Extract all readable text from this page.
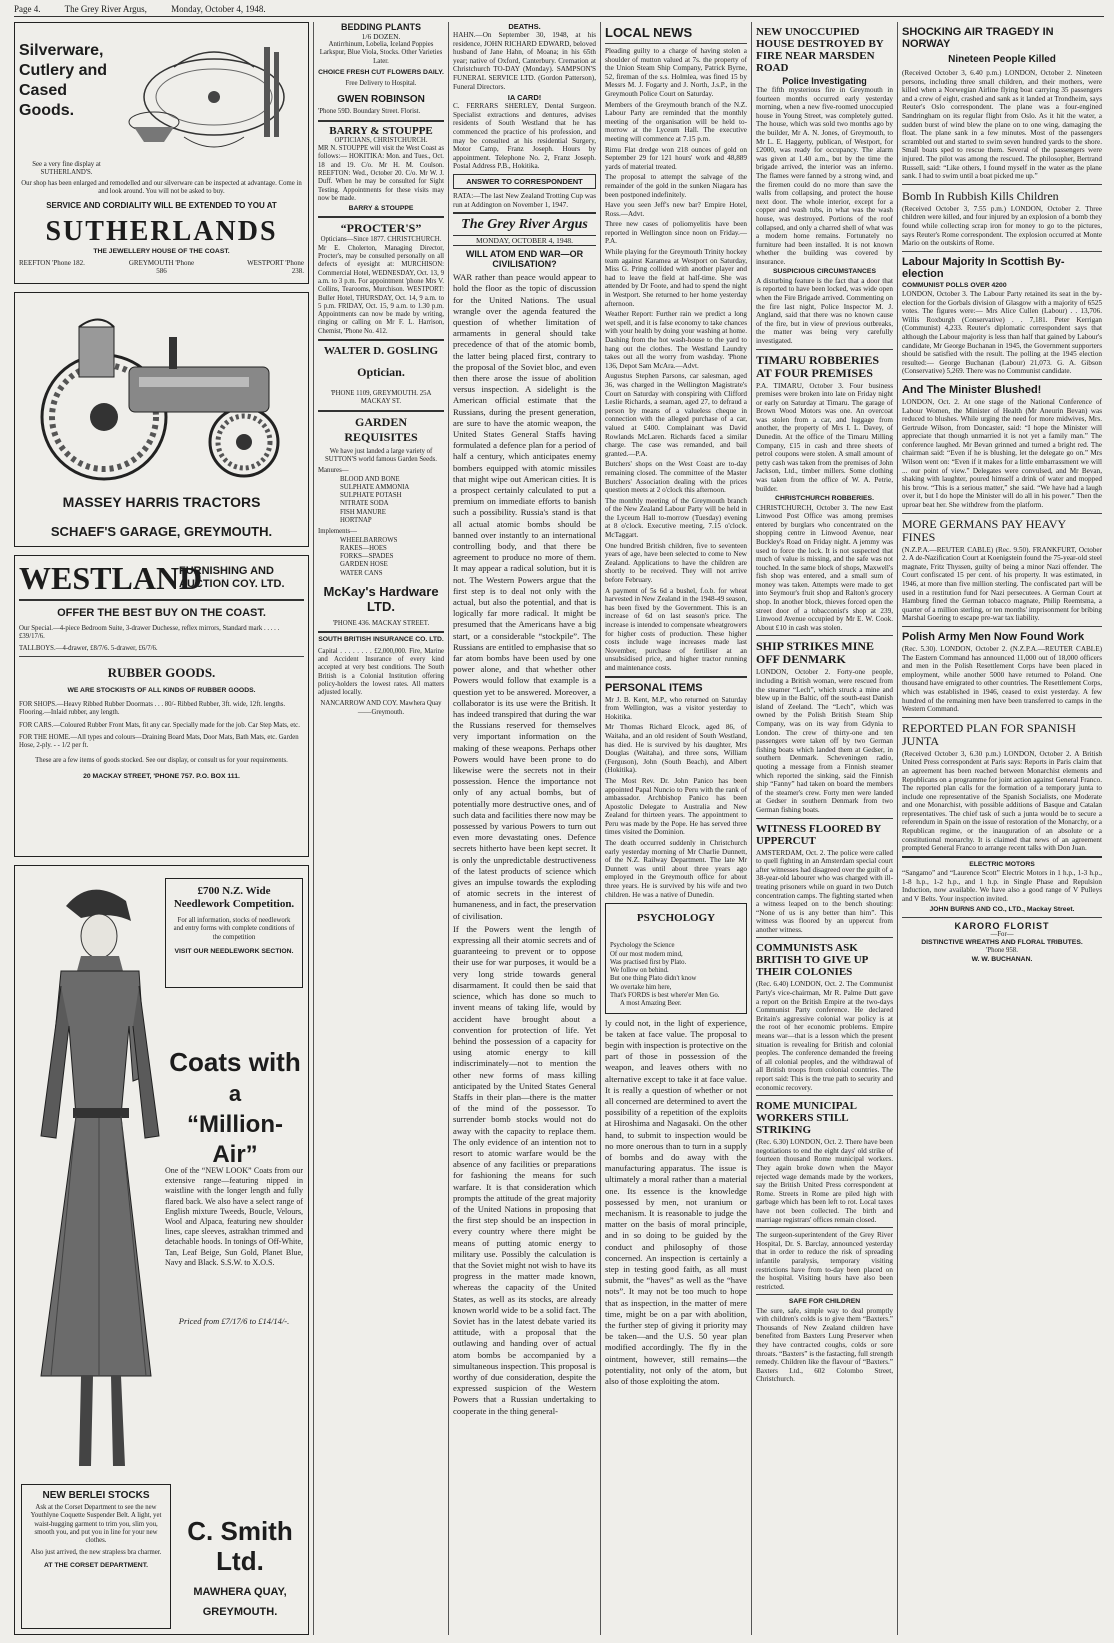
Page 4.	The Grey River Argus,	Monday, October 4, 1948.
Silverware, Cutlery and Cased Goods.
See a very fine display at SUTHERLAND'S.
Our shop has been enlarged and remodelled and our silverware can be inspected at advantage. Come in and look around. You will not be asked to buy.
SERVICE AND CORDIALITY WILL BE EXTENDED TO YOU AT
SUTHERLANDS
THE JEWELLERY HOUSE OF THE COAST.
REEFTON 'Phone 182.	GREYMOUTH 'Phone 586
WESTPORT 'Phone 238.
MASSEY HARRIS TRACTORS
SCHAEF'S GARAGE, GREYMOUTH.
WESTLAND
FURNISHING AND AUCTION COY. LTD.
OFFER THE BEST BUY ON THE COAST.
Our Special.—4-piece Bedroom Suite, 3-drawer Duchesse, reflex mirrors, Standard mark . . . . . £39/17/6.
TALLBOYS.—4-drawer, £8/7/6. 5-drawer, £6/7/6.
RUBBER GOODS.
WE ARE STOCKISTS OF ALL KINDS OF RUBBER GOODS.
FOR SHOPS.—Heavy Ribbed Rubber Doormats . . . 80/- Ribbed Rubber, 3ft. wide, 12ft. lengths. Flooring.—Inlaid rubber, any length.
FOR CARS.—Coloured Rubber Front Mats, fit any car. Specially made for the job. Car Step Mats, etc.
FOR THE HOME.—All types and colours—Draining Board Mats, Door Mats, Bath Mats, etc. Garden Hose, 2-ply. - - 1/2 per ft.
These are a few items of goods stocked. See our display, or consult us for your requirements.
20 MACKAY STREET, 'PHONE 757. P.O. BOX 111.
£700 N.Z. Wide Needlework Competition.
For all information, stocks of needlework and entry forms with complete conditions of the competition
VISIT OUR NEEDLEWORK SECTION.
Coats with
a
“Million-Air”
One of the “NEW LOOK” Coats from our extensive range—featuring nipped in waistline with the longer length and fully flared back. We also have a select range of English mixture Tweeds, Boucle, Velours, Wool and Alpaca, featuring new shoulder lines, cape sleeves, astrakhan trimmed and detachable hoods. In tonings of Off-White, Tan, Leaf Beige, Sun Gold, Planet Blue, Navy and Black. S.S.W. to X.O.S.
Priced from £7/17/6 to £14/14/-.
NEW BERLEI STOCKS
Ask at the Corset Department to see the new Youthlyne Coquette Suspender Belt. A light, yet waist-hugging garment to trim you, slim you, smooth you, and put you in line for your new clothes.
Also just arrived, the new strapless bra charmer.
AT THE CORSET DEPARTMENT.
C. Smith Ltd.
MAWHERA QUAY,
GREYMOUTH.
BEDDING PLANTS
1/6 DOZEN.
Antirrhinum, Lobelia, Iceland Poppies Larkspur, Blue Viola, Stocks. Other Varieties Later.
CHOICE FRESH CUT FLOWERS DAILY.
Free Delivery to Hospital.
GWEN ROBINSON
'Phone 59D. Boundary Street. Florist.
BARRY & STOUPPE
OPTICIANS, CHRISTCHURCH.
MR N. STOUPPE will visit the West Coast as follows:— HOKITIKA: Mon. and Tues., Oct. 18 and 19. C/o. Mr H. M. Coulson. REEFTON: Wed., October 20. C/o. Mr W. J. Duff. When he may be consulted for Sight Testing. Appointments for these visits may now be made.
BARRY & STOUPPE
“PROCTER'S”
Opticians—Since 1877. CHRISTCHURCH.
Mr E. Cholerton, Managing Director, Procter's, may be consulted personally on all defects of eyesight at: MURCHISON: Commercial Hotel, WEDNESDAY, Oct. 13, 9 a.m. to 3 p.m. For appointment 'phone Mrs V. Collins, Tearooms, Murchison. WESTPORT: Buller Hotel, THURSDAY, Oct. 14, 9 a.m. to 5 p.m. FRIDAY, Oct. 15, 9 a.m. to 1.30 p.m. Appointments can now be made by writing, ringing or calling on Mr F. L. Harrison, Chemist, 'Phone No. 412.
WALTER D. GOSLING
Optician.
'PHONE 1109, GREYMOUTH. 25A MACKAY ST.
GARDEN REQUISITES
We have just landed a large variety of SUTTON'S world famous Garden Seeds.
Manures—
BLOOD AND BONE
SULPHATE AMMONIA
SULPHATE POTASH
NITRATE SODA
FISH MANURE
HORTNAP
Implements—
WHEELBARROWS
RAKES—HOES
FORKS—SPADES
GARDEN HOSE
WATER CANS
McKay's Hardware LTD.
'PHONE 436. MACKAY STREET.
SOUTH BRITISH INSURANCE CO. LTD.
Capital . . . . . . . . £2,000,000. Fire, Marine and Accident Insurance of every kind accepted at very best conditions. The South British is a Colonial Institution offering policy-holders the lowest rates. All matters adjusted locally.
NANCARROW AND COY. Mawhera Quay——Greymouth.
DEATHS.
HAHN.—On September 30, 1948, at his residence, JOHN RICHARD EDWARD, beloved husband of Jane Hahn, of Moana; in his 65th year; native of Oxford, Canterbury. Cremation at Christchurch TO-DAY (Monday). SAMPSON'S FUNERAL SERVICE LTD. (Gordon Patterson), Funeral Directors.
IA CARD!
C. FERRARS SHERLEY, Dental Surgeon. Specialist extractions and dentures, advises residents of South Westland that he has commenced the practice of his profession, and may be consulted at his residential Surgery, Motor Camp, Franz Joseph. Hours by appointment. Telephone No. 2, Franz Joseph. Postal Address P.B., Hokitika.
ANSWER TO CORRESPONDENT
RATA:—The last New Zealand Trotting Cup was run at Addington on November 1, 1947.
The Grey River Argus
MONDAY, OCTOBER 4, 1948.
WILL ATOM END WAR—OR CIVILISATION?
WAR rather than peace would appear to hold the floor as the topic of discussion for the United Nations. The usual wrangle over the agenda featured the question of whether limitation of armaments in general should take precedence of that of the atomic bomb, the latter being placed first, contrary to the proposal of the Soviet bloc, and even then there arose the issue of abolition versus inspection. A sidelight is the American official estimate that the Russians, during the present generation, are sure to have the atomic weapon, the United States General Staffs having formulated a defence plan for a period of half a century, which anticipates enemy bombers equipped with atomic missiles that might wipe out American cities. It is a prospect certainly calculated to put a premium on immediate efforts to banish such a possibility. Russia's stand is that all actual atomic bombs should be banned over instantly to an international controlling body, and that there be agreement to produce no more of them. It may appear a radical solution, but it is not. The Western Powers argue that the first step is to deal not only with the actual, but also the potential, and that is logically far more radical. It might be presumed that the Americans have a big start, or a considerable “stockpile”. The Russians are entitled to emphasise that so far atom bombs have been used by one power alone, and that whether other Powers would follow that example is a question yet to be answered. Moreover, a collaborator is its use were the British. It has indeed transpired that during the war the Russians reserved for themselves very important information on the making of these weapons. Perhaps other Powers would have been prone to do likewise were the secrets not in their possession. Hence the importance not only of any actual bombs, but of potentially more destructive ones, and of such data and facilities there now may be possessed by various Powers to turn out even more devastating ones. Defence secrets hitherto have been kept secret. It is only the unpredictable destructiveness of the latest products of science which gives an impulse towards the exploding of atomic secrets in the interest of humaneness, and in fact, the preservation of civilisation.
If the Powers went the length of expressing all their atomic secrets and of guaranteeing to prevent or to oppose their use for war purposes, it would be a very long stride towards general disarmament. It could then be said that science, which has done so much to invent means of taking life, would by accident have brought about a convention for protection of life. Yet behind the possession of a capacity for using atomic energy to kill indiscriminately—not to mention the other new forms of mass killing anticipated by the United States General Staffs in their plan—there is the matter of the mind of the possessor. To surrender bomb stocks would not do away with the capacity to replace them. The only evidence of an intention not to resort to atomic warfare would be the absence of any facilities or preparations for fashioning the means for such warfare. It is that consideration which prompts the attitude of the great majority of the United Nations in proposing that the first step should be an inspection in every country where there might be means of putting atomic energy to military use. Possibly the calculation is that the Soviet might not wish to have its progress in the matter made known, whereas the capacity of the United States, as well as its stocks, are already known world wide to be a solid fact. The Soviet has in the latest debate varied its attitude, with a proposal that the outlawing and handing over of actual atom bombs be accompanied by a simultaneous inspection. This proposal is worthy of due consideration, despite the expressed suspicion of the Western Powers that a Russian undertaking to cooperate in the thing general-
LOCAL NEWS

Pleading guilty to a charge of having stolen a shoulder of mutton valued at 7s. the property of the Union Steam Ship Company, Patrick Byrne, 52, fireman of the s.s. Holmlea, was fined 15 by Messrs M. J. Fogarty and J. North, J.s.P., in the Greymouth Police Court on Saturday.

Members of the Greymouth branch of the N.Z. Labour Party are reminded that the monthly meeting of the organisation will be held to-morrow at the Lyceum Hall. The executive meeting will commence at 7.15 p.m.

Rimu Flat dredge won 218 ounces of gold on September 29 for 121 hours' work and 48,889 yards of material treated.

The proposal to attempt the salvage of the remainder of the gold in the sunken Niagara has been postponed indefinitely.

Have you seen Jeff's new bar? Empire Hotel, Ross.—Advt.

Three new cases of poliomyelitis have been reported in Wellington since noon on Friday.—P.A.

While playing for the Greymouth Trinity hockey team against Karamea at Westport on Saturday, Miss G. Pring collided with another player and had to leave the field at half-time. She was attended by Dr Foote, and had to spend the night in Westport. She returned to her home yesterday afternoon.

Weather Report: Further rain we predict a long wet spell, and it is false economy to take chances with your health by doing your washing at home. Dashing from the hot wash-house to the yard to hang out the clothes. The Westland Laundry takes out all the worry from washday. 'Phone 136, Depot Sam McAra.—Advt.

Augustus Stephen Parsons, car salesman, aged 36, was charged in the Wellington Magistrate's Court on Saturday with conspiring with Clifford Leslie Richards, a seaman, aged 27, to defraud a person by means of a valueless cheque in connection with the alleged purchase of a car, valued at £400. Complainant was David Rowlands McLaren. Richards faced a similar charge. The case was remanded, and bail granted.—P.A.

Butchers' shops on the West Coast are to-day remaining closed. The committee of the Master Butchers' Association dealing with the prices question meets at 2 o'clock this afternoon.

The monthly meeting of the Greymouth branch of the New Zealand Labour Party will be held in the Lyceum Hall to-morrow (Tuesday) evening at 8 o'clock. Executive meeting, 7.15 o'clock. McTaggart.

One hundred British children, five to seventeen years of age, have been selected to come to New Zealand. Applications to have the children are shortly to be received. They will not arrive before February.

A payment of 5s 6d a bushel, f.o.b. for wheat harvested in New Zealand in the 1948-49 season, has been fixed by the Government. This is an increase of 6d on last season's price. The increase is intended to compensate wheatgrowers for higher costs of production. These higher costs include wage increases made last November, purchase of fertiliser at an unsubsidised price, and higher tractor running and maintenance costs.

PERSONAL ITEMS

Mr J. B. Kent, M.P., who returned on Saturday from Wellington, was a visitor yesterday to Hokitika.

Mr Thomas Richard Elcock, aged 86, of Waitaha, and an old resident of South Westland, has died. He is survived by his daughter, Mrs Douglas (Waitaha), and three sons, William (Ferguson), John (South Beach), and Albert (Hokitika).

The Most Rev. Dr. John Panico has been appointed Papal Nuncio to Peru with the rank of ambassador. Archbishop Panico has been Apostolic Delegate to Australia and New Zealand for thirteen years. The appointment to Peru was made by the Pope. He has served three times visited the Dominion.

The death occurred suddenly in Christchurch early yesterday morning of Mr Charlie Dunnett, of the N.Z. Railway Department. The late Mr Dunnett was until about three years ago employed in the Greymouth office for about three years. He is survived by his wife and two children. He was a native of Dunedin.

PSYCHOLOGY
Psychology the Science
Of our most modern mind,
Was practised first by Plato.
We follow on behind.
But one thing Plato didn't know
We overtake him here,
That's FORDS is best where'er Men Go.
A most Amazing Beer.
ly could not, in the light of experience, be taken at face value. The proposal to begin with inspection is protective on the part of those in possession of the weapon, and leaves others with no alternative except to take it at face value. It is really a question of whether or not all concerned are determined to avert the possibility of a repetition of the exploits at Hiroshima and Nagasaki. On the other hand, to submit to inspection would be no more onerous than to turn in a supply of bombs and do away with the manufacturing apparatus. The issue is ultimately a moral rather than a material one. Its essence is the knowledge possessed by men, not uranium or mechanism. It is reasonable to judge the matter on the basis of moral principle, and in so doing to be guided by the conduct and philosophy of those concerned. An inspection is certainly a step in testing good faith, as all must submit, the “haves” as well as the “have nots”. It may not be too much to hope that as inspection, in the matter of mere time, might be on a par with abolition, the further step of giving it priority may be taken—and the U.S. 50 year plan modified accordingly. The fly in the ointment, however, still remains—the potentiality, not only of the atom, but also of those exploiting the atom.
NEW UNOCCUPIED HOUSE DESTROYED BY FIRE NEAR MARSDEN ROAD
Police Investigating

The fifth mysterious fire in Greymouth in fourteen months occurred early yesterday morning, when a new five-roomed unoccupied house in Young Street, was completely gutted. The house, which was sold two months ago by the builder, Mr A. N. Jones, of Greymouth, to Mr L. E. Haggerty, publican, of Westport, for £2000, was ready for occupancy. The alarm was given at 1.40 a.m., but by the time the brigade arrived, the interior was an inferno. The flames were fanned by a strong wind, and the firemen could do no more than save the walls from collapsing, and protect the house next door. The whole interior, except for a copper and wash tubs, in what was the wash house, was destroyed. Portions of the roof collapsed, and only a charred shell of what was a modern home remains. Fortunately no furniture had been installed. It is not known whether the building was covered by insurance.

SUSPICIOUS CIRCUMSTANCES

A disturbing feature is the fact that a door that is reported to have been locked, was wide open when the Fire Brigade arrived. Commenting on the fire last night, Police Inspector M. J. Angland, said that there was no known cause of the fire, but in view of previous outbreaks, the matter was being very carefully investigated.

TIMARU ROBBERIES AT FOUR PREMISES

P.A. TIMARU, October 3. Four business premises were broken into late on Friday night or early on Saturday at Timaru. The garage of Brown Wood Motors was one. An overcoat was stolen from a car, and luggage from another, the property of Mrs I. L. Davey, of Dunedin. At the office of the Timaru Milling Company, £15 in cash and three sheets of petrol coupons were stolen. A small amount of petty cash was taken from the premises of John Jackson, Ltd., timber millers. Some clothing was taken from the office of W. A. Petrie, builder.

CHRISTCHURCH ROBBERIES.

CHRISTCHURCH, October 3. The new East Linwood Post Office was among premises entered by burglars who concentrated on the shopping centre in Linwood Avenue, near Buckley's Road on Friday night. A jemmy was used to force the lock. It is not suspected that much of value is missing, and the safe was not touched. In the same block of shops, Maxwell's fish shop was entered, and a small sum of money was taken. Attempts were made to get into Seymour's fruit shop and Ralton's grocery shop. In another block, thieves forced open the street door of a tobacconist's shop at 239, Linwood Avenue occupied by Mr E. W. Cook. About £10 in cash was stolen.

SHIP STRIKES MINE OFF DENMARK

LONDON, October 2. Forty-one people, including a British woman, were rescued from the steamer “Lech”, which struck a mine and blew up in the Baltic, off the south-east Danish island of Zeeland. The “Lech”, which was owned by the Polish British Steam Ship Company, was on its way from Gdynia to London. The crew of thirty-one and ten passengers were taken off by two German fishing boats which landed them at Gedser, in southern Denmark. Scheveningen radio, quoting a message from a Finnish steamer which reported the sinking, said the Finnish ship “Fanny” had taken on board the members of the steamer's crew. Forty men were landed at Gedser in southern Denmark from two German fishing boats.

WITNESS FLOORED BY UPPERCUT

AMSTERDAM, Oct. 2. The police were called to quell fighting in an Amsterdam special court after witnesses had disagreed over the guilt of a 38-year-old labourer who was charged with ill-treating prisoners while on guard in two Dutch concentration camps. The fighting started when a witness leaped on to the bench shouting: “None of us is any better than him”. This witness was floored by an uppercut from another witness.

COMMUNISTS ASK BRITISH TO GIVE UP THEIR COLONIES

(Rec. 6.40) LONDON, Oct. 2. The Communist Party's vice-chairman, Mr R. Palme Dutt gave a report on the British Empire at the two-days Communist Party conference. He declared Britain's aggressive colonial war policy is at the root of her economic problems. Empire means war—that is a lesson which the present situation is revealing for British and colonial peoples. The conference demanded the freeing of all colonial peoples, and the withdrawal of all British troops from colonial countries. The report said: This is the true path to security and economic recovery.

ROME MUNICIPAL WORKERS STILL STRIKING

(Rec. 6.30) LONDON, Oct. 2. There have been negotiations to end the eight days' old strike of fourteen thousand Rome municipal workers. They again broke down when the Mayor rejected wage demands made by the workers, say the British United Press correspondent at Rome. Streets in Rome are piled high with garbage which has been left to rot. Local taxes have not been collected. The birth and marriage registrars' offices remain closed.

The surgeon-superintendent of the Grey River Hospital, Dr. S. Barclay, announced yesterday that in order to reduce the risk of spreading infantile paralysis, temporary visiting restrictions have from to-day been placed on the hospital. Visiting hours have also been restricted.

SAFE FOR CHILDREN

The sure, safe, simple way to deal promptly with children's colds is to give them “Baxters.” Thousands of New Zealand children have benefited from Baxters Lung Preserver when they have contracted coughs, colds or sore throats. “Baxters” is the fastacting, full strength remedy. Children like the flavour of “Baxters.” Baxters Ltd., 602 Colombo Street, Christchurch.

SHOCKING AIR TRAGEDY IN NORWAY
Nineteen People Killed

(Received October 3, 6.40 p.m.) LONDON, October 2. Nineteen persons, including three small children, and their mothers, were killed when a Norwegian Airline flying boat carrying 35 passengers and a crew of eight, crashed and sank as it landed at Trondheim, says Reuter's Oslo correspondent. The plane was a four-engined Sandringham on its regular flight from Oslo. As it hit the water, a sudden burst of wind blew the plane on to one wing, damaging the float. The plane sank in a few minutes. Most of the passengers scrambled out and started to swim seven hundred yards to the shore. Small boats sped to rescue them. Several of the passengers were injured. The pilot was among the rescued. The philosopher, Bertrand Russell, said: “Like others, I found myself in the water as the plane sank. I had to swim until a boat picked me up.”

Bomb In Rubbish Kills Children

(Received October 3, 7.55 p.m.) LONDON, October 2. Three children were killed, and four injured by an explosion of a bomb they found while collecting scrap iron for money to go to the pictures, says Reuter's Rome correspondent. The explosion occurred at Monte Mario on the outskirts of Rome.

Labour Majority In Scottish By-election
COMMUNIST POLLS OVER 4200

LONDON, October 3. The Labour Party retained its seat in the by-election for the Gorbals division of Glasgow with a majority of 6525 votes. The figures were:— Mrs Alice Cullen (Labour) . . 13,706. Willis Roxburgh (Conservative) . . 7,181. Peter Kerrigan (Communist) 4,233. Reuter's diplomatic correspondent says that although the Labour majority is less than half that gained by Labour's candidate, Mr George Buchanan in 1945, the Government supporters should be satisfied with the result. The polling at the 1945 election resulted:— George Buchanan (Labour) 21,073. G. A. Gibson (Conservative) 5,269. There was no Communist candidate.

And The Minister Blushed!

LONDON, Oct. 2. At one stage of the National Conference of Labour Women, the Minister of Health (Mr Aneurin Bevan) was reduced to blushes. While urging the need for more midwives, Mrs. Gertrude Wilson, from Doncaster, said: “I hope the Minister will appreciate that though unmarried it is not yet a family man.” The conference laughed. Mr Bevan grinned and turned a bright red. The chairman said: “Even if he is blushing, let the delegate go on.” Mrs Wilson went on: “Even if it makes for a little embarrassment we will ... our point of view.” Delegates were convulsed, and Mr Bevan, shaking with laughter, poured himself a drink of water and mopped his brow. “This is a serious matter,” she said. “We have had a laugh over it, but I do hope the Minister will do all in his power.” Then the uproar beat her. She withdrew from the platform.

MORE GERMANS PAY HEAVY FINES

(N.Z.P.A.—REUTER CABLE) (Rec. 9.50). FRANKFURT, October 2. A de-Nazification Court at Koenigstein found the 75-year-old steel magnate, Fritz Thyssen, guilty of being a minor Nazi offender. The Court confiscated 15 per cent. of his property. It was estimated, in 1946, at more than five million sterling. The confiscated part will be used in a restitution fund for Nazi persecutees. A German Court at Hamburg fined the German tobacco magnate, Philip Reemtsma, a quarter of a million sterling, or ten months' imprisonment for bribing Marshal Goering to escape pre-war tax liability.

Polish Army Men Now Found Work

(Rec. 5.30). LONDON, October 2. (N.Z.P.A.—REUTER CABLE) The Eastern Command has announced 11,000 out of 18,000 officers and men in the Polish Resettlement Corps have been placed in employment, while another 5000 have returned to Poland. One thousand have emigrated to other countries. The Resettlement Corps, which was established in 1946, ceased to exist yesterday. A few hundred of the remaining men have been transferred to camps in the Western Command.

REPORTED PLAN FOR SPANISH JUNTA

(Received October 3, 6.30 p.m.) LONDON, October 2. A British United Press correspondent at Paris says: Reports in Paris claim that an agreement has been reached between Monarchist elements and Republicans on a programme for joint action against General Franco. The reported plan calls for the formation of a temporary junta to include one representative of the Spanish Socialists, one Moderate and one Monarchist, with possible additions of Basque and Catalan representatives. The chief task of such a junta would be to secure a referendum in Spain on the issue of restoration of the Monarchy, or a Republican regime, or the inauguration of an absolute or a constitutional monarchy. It is claimed that news of an agreement prompted General Franco to arrange recent talks with Don Juan.

ELECTRIC MOTORS

“Sangamo” and “Laurence Scott” Electric Motors in 1 h.p., 1-3 h.p., 1-8 h.p., 1-2 h.p., and 1 h.p. in Single Phase and Repulsion Induction, now available. We have also a good range of V Pulleys and V Belts. Your inspection invited.

JOHN BURNS AND CO., LTD., Mackay Street.
KARORO FLORIST
—For—
DISTINCTIVE WREATHS AND FLORAL TRIBUTES.
'Phone 958.
W. W. BUCHANAN.
